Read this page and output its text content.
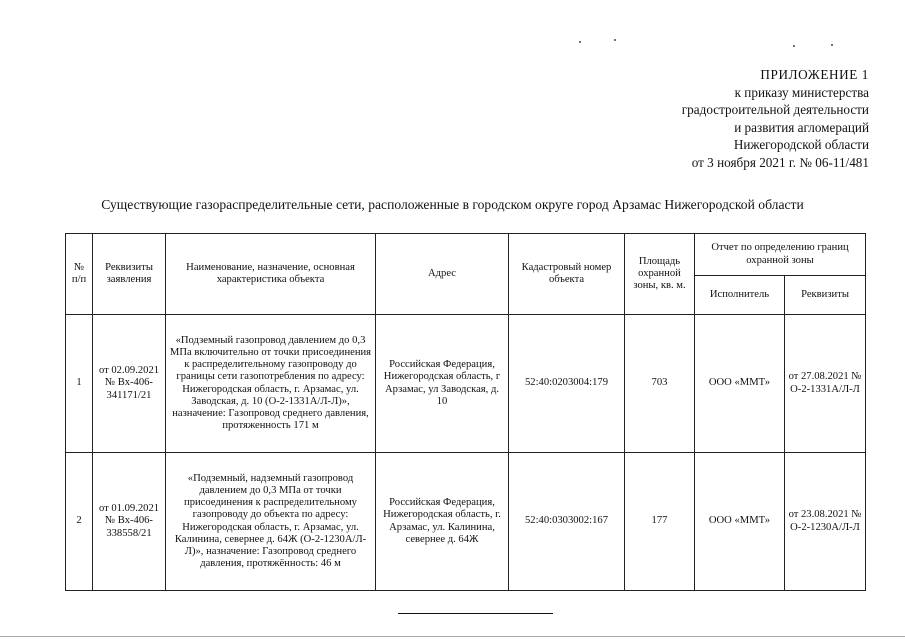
ПРИЛОЖЕНИЕ 1
к приказу министерства
градостроительной деятельности
и развития агломераций
Нижегородской области
от 3 ноября 2021 г. № 06-11/481
Существующие газораспределительные сети, расположенные в городском округе город Арзамас Нижегородской области
№ п/п	Реквизиты заявления	Наименование, назначение, основная характеристика объекта	Адрес	Кадастровый номер объекта	Площадь охранной зоны, кв. м.	Отчет по определению границ охранной зоны	
						Исполнитель	Реквизиты
1	от 02.09.2021 № Вх-406-341171/21	«Подземный газопровод давлением до 0,3 МПа включительно от точки присоединения к распределительному газопроводу до границы сети газопотребления по адресу: Нижегородская область, г. Арзамас, ул. Заводская, д. 10 (О-2-1331А/Л-Л)», назначение: Газопровод среднего давления, протяженность 171 м	Российская Федерация, Нижегородская область, г Арзамас, ул Заводская, д. 10	52:40:0203004:179	703	ООО «ММТ»	от 27.08.2021 № О-2-1331А/Л-Л
2	от 01.09.2021 № Вх-406-338558/21	«Подземный, надземный газопровод давлением до 0,3 МПа от точки присоединения к распределительному газопроводу до объекта по адресу: Нижегородская область, г. Арзамас, ул. Калинина, севернее д. 64Ж (О-2-1230А/Л-Л)», назначение: Газопровод среднего давления, протяжённость: 46 м	Российская Федерация, Нижегородская область, г. Арзамас, ул. Калинина, севернее д. 64Ж	52:40:0303002:167	177	ООО «ММТ»	от 23.08.2021 № О-2-1230А/Л-Л
